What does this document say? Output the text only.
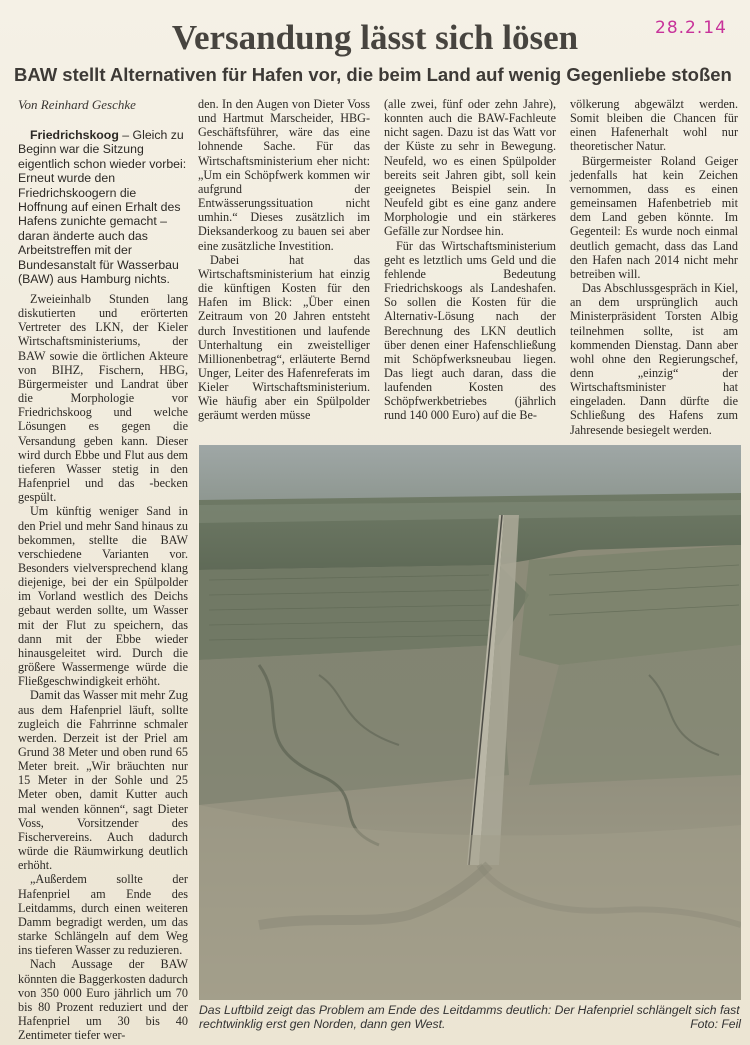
28.2.14
Versandung lässt sich lösen
BAW stellt Alternativen für Hafen vor, die beim Land auf wenig Gegenliebe stoßen
Von Reinhard Geschke

Friedrichskoog – Gleich zu Beginn war die Sitzung eigentlich schon wieder vorbei: Erneut wurde den Friedrichskoogern die Hoffnung auf einen Erhalt des Hafens zunichte gemacht – daran änderte auch das Arbeitstreffen mit der Bundesanstalt für Wasserbau (BAW) aus Hamburg nichts.

Zweieinhalb Stunden lang diskutierten und erörterten Vertreter des LKN, der Kieler Wirtschaftsministeriums, der BAW sowie die örtlichen Akteure von BIHZ, Fischern, HBG, Bürgermeister und Landrat über die Morphologie vor Friedrichskoog und welche Lösungen es gegen die Versandung geben kann. Dieser wird durch Ebbe und Flut aus dem tieferen Wasser stetig in den Hafenpriel und das -becken gespült.

Um künftig weniger Sand in den Priel und mehr Sand hinaus zu bekommen, stellte die BAW verschiedene Varianten vor. Besonders vielversprechend klang diejenige, bei der ein Spülpolder im Vorland westlich des Deichs gebaut werden sollte, um Wasser mit der Flut zu speichern, das dann mit der Ebbe wieder hinausgeleitet wird. Durch die größere Wassermenge würde die Fließgeschwindigkeit erhöht.

Damit das Wasser mit mehr Zug aus dem Hafenpriel läuft, sollte zugleich die Fahrrinne schmaler werden. Derzeit ist der Priel am Grund 38 Meter und oben rund 65 Meter breit. „Wir bräuchten nur 15 Meter in der Sohle und 25 Meter oben, damit Kutter auch mal wenden können“, sagt Dieter Voss, Vorsitzender des Fischervereins. Auch dadurch würde die Räumwirkung deutlich erhöht.

„Außerdem sollte der Hafenpriel am Ende des Leitdamms, durch einen weiteren Damm begradigt werden, um das starke Schlängeln auf dem Weg ins tieferen Wasser zu reduzieren.

Nach Aussage der BAW könnten die Baggerkosten dadurch von 350 000 Euro jährlich um 70 bis 80 Prozent reduziert und der Hafenpriel um 30 bis 40 Zentimeter tiefer wer-

den. In den Augen von Dieter Voss und Hartmut Marscheider, HBG-Geschäftsführer, wäre das eine lohnende Sache. Für das Wirtschaftsministerium eher nicht: „Um ein Schöpfwerk kommen wir aufgrund der Entwässerungssituation nicht umhin.“ Dieses zusätzlich im Dieksanderkoog zu bauen sei aber eine zusätzliche Investition.

Dabei hat das Wirtschaftsministerium hat einzig die künftigen Kosten für den Hafen im Blick: „Über einen Zeitraum von 20 Jahren entsteht durch Investitionen und laufende Unterhaltung ein zweistelliger Millionenbetrag“, erläuterte Bernd Unger, Leiter des Hafenreferats im Kieler Wirtschaftsministerium. Wie häufig aber ein Spülpolder geräumt werden müsse

(alle zwei, fünf oder zehn Jahre), konnten auch die BAW-Fachleute nicht sagen. Dazu ist das Watt vor der Küste zu sehr in Bewegung. Neufeld, wo es einen Spülpolder bereits seit Jahren gibt, soll kein geeignetes Beispiel sein. In Neufeld gibt es eine ganz andere Morphologie und ein stärkeres Gefälle zur Nordsee hin.

Für das Wirtschaftsministerium geht es letztlich ums Geld und die fehlende Bedeutung Friedrichskoogs als Landeshafen. So sollen die Kosten für die Alternativ-Lösung nach der Berechnung des LKN deutlich über denen einer Hafenschließung mit Schöpfwerksneubau liegen. Das liegt auch daran, dass die laufenden Kosten des Schöpfwerkbetriebes (jährlich rund 140 000 Euro) auf die Be-

völkerung abgewälzt werden. Somit bleiben die Chancen für einen Hafenerhalt wohl nur theoretischer Natur.

Bürgermeister Roland Geiger jedenfalls hat kein Zeichen vernommen, dass es einen gemeinsamen Hafenbetrieb mit dem Land geben könnte. Im Gegenteil: Es wurde noch einmal deutlich gemacht, dass das Land den Hafen nach 2014 nicht mehr betreiben will.

Das Abschlussgespräch in Kiel, an dem ursprünglich auch Ministerpräsident Torsten Albig teilnehmen sollte, ist am kommenden Dienstag. Dann aber wohl ohne den Regierungschef, denn „einzig“ der Wirtschaftsminister hat eingeladen. Dann dürfte die Schließung des Hafens zum Jahresende besiegelt werden.

Das Luftbild zeigt das Problem am Ende des Leitdamms deutlich: Der Hafenpriel schlängelt sich fast rechtwinklig erst gen Norden, dann gen West.	Foto: Feil
